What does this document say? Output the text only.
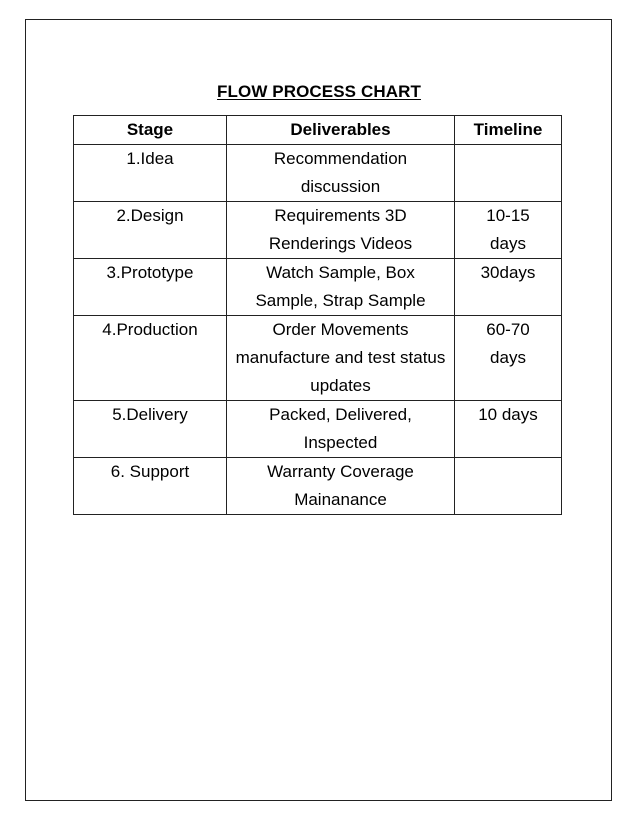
FLOW PROCESS CHART
Stage	Deliverables	Timeline
1.Idea	Recommendation discussion	
2.Design	Requirements 3D Renderings Videos	10-15 days
3.Prototype	Watch Sample, Box Sample, Strap Sample	30days
4.Production	Order Movements manufacture and test status updates	60-70 days
5.Delivery	Packed, Delivered, Inspected	10 days
6. Support	Warranty Coverage Mainanance	
